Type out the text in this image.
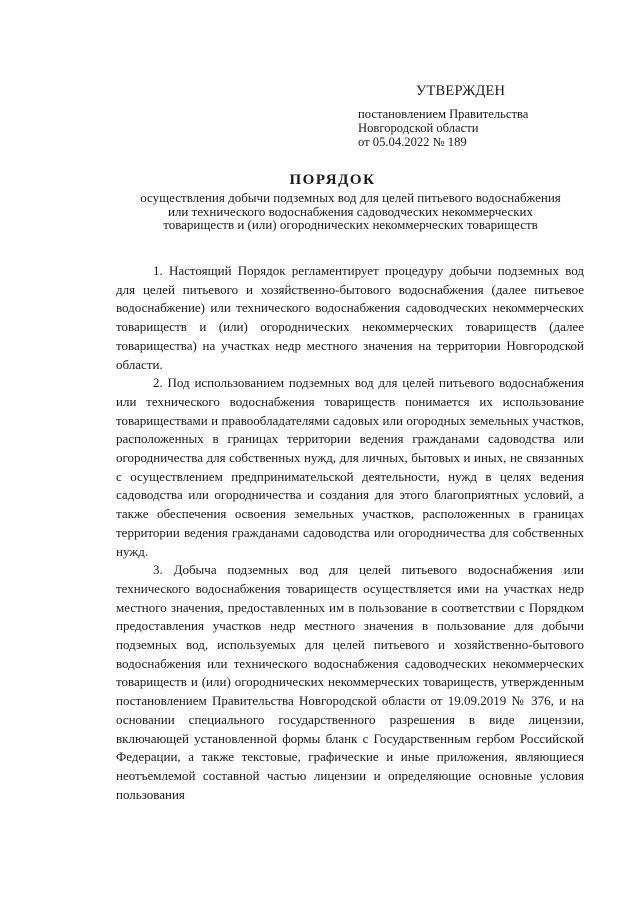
УТВЕРЖДЕН
постановлением Правительства
Новгородской области
от 05.04.2022 № 189
ПОРЯДОК
осуществления добычи подземных вод для целей питьевого водоснабжения
или технического водоснабжения садоводческих некоммерческих
товариществ и (или) огороднических некоммерческих товариществ

1. Настоящий Порядок регламентирует процедуру добычи подземных вод для целей питьевого и хозяйственно-бытового водоснабжения (далее питьевое водоснабжение) или технического водоснабжения садоводческих некоммерческих товариществ и (или) огороднических некоммерческих товариществ (далее товарищества) на участках недр местного значения на территории Новгородской области.

2. Под использованием подземных вод для целей питьевого водоснабжения или технического водоснабжения товариществ понимается их использование товариществами и правообладателями садовых или огородных земельных участков, расположенных в границах территории ведения гражданами садоводства или огородничества для собственных нужд, для личных, бытовых и иных, не связанных с осуществлением предпринимательской деятельности, нужд в целях ведения садоводства или огородничества и создания для этого благоприятных условий, а также обеспечения освоения земельных участков, расположенных в границах территории ведения гражданами садоводства или огородничества для собственных нужд.

3. Добыча подземных вод для целей питьевого водоснабжения или технического водоснабжения товариществ осуществляется ими на участках недр местного значения, предоставленных им в пользование в соответствии с Порядком предоставления участков недр местного значения в пользование для добычи подземных вод, используемых для целей питьевого и хозяйственно-бытового водоснабжения или технического водоснабжения садоводческих некоммерческих товариществ и (или) огороднических некоммерческих товариществ, утвержденным постановлением Правительства Новгородской области от 19.09.2019 № 376, и на основании специального государственного разрешения в виде лицензии, включающей установленной формы бланк с Государственным гербом Российской Федерации, а также текстовые, графические и иные приложения, являющиеся неотъемлемой составной частью лицензии и определяющие основные условия пользования
